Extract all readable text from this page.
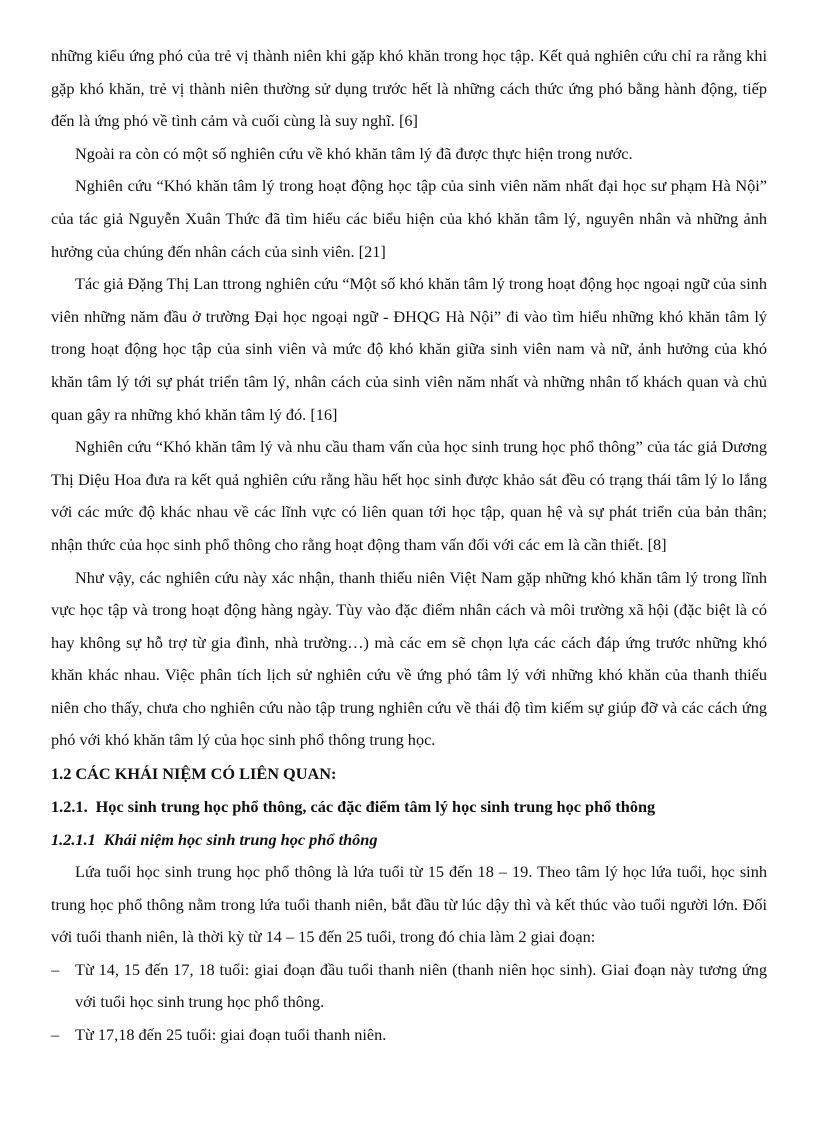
những kiểu ứng phó của trẻ vị thành niên khi gặp khó khăn trong học tập. Kết quả nghiên cứu chỉ ra rằng khi gặp khó khăn, trẻ vị thành niên thường sử dụng trước hết là những cách thức ứng phó bằng hành động, tiếp đến là ứng phó về tình cảm và cuối cùng là suy nghĩ. [6]

Ngoài ra còn có một số nghiên cứu về khó khăn tâm lý đã được thực hiện trong nước.

Nghiên cứu “Khó khăn tâm lý trong hoạt động học tập của sinh viên năm nhất đại học sư phạm Hà Nội” của tác giả Nguyễn Xuân Thức đã tìm hiểu các biểu hiện của khó khăn tâm lý, nguyên nhân và những ảnh hưởng của chúng đến nhân cách của sinh viên. [21]

Tác giả Đặng Thị Lan ttrong nghiên cứu “Một số khó khăn tâm lý trong hoạt động học ngoại ngữ của sinh viên những năm đầu ở trường Đại học ngoại ngữ - ĐHQG Hà Nội” đi vào tìm hiểu những khó khăn tâm lý trong hoạt động học tập của sinh viên và mức độ khó khăn giữa sinh viên nam và nữ, ảnh hưởng của khó khăn tâm lý tới sự phát triển tâm lý, nhân cách của sinh viên năm nhất và những nhân tố khách quan và chủ quan gây ra những khó khăn tâm lý đó. [16]

Nghiên cứu “Khó khăn tâm lý và nhu cầu tham vấn của học sinh trung học phổ thông” của tác giả Dương Thị Diệu Hoa đưa ra kết quả nghiên cứu rằng hầu hết học sinh được khảo sát đều có trạng thái tâm lý lo lắng với các mức độ khác nhau về các lĩnh vực có liên quan tới học tập, quan hệ và sự phát triển của bản thân; nhận thức của học sinh phổ thông cho rằng hoạt động tham vấn đối với các em là cần thiết. [8]

Như vậy, các nghiên cứu này xác nhận, thanh thiếu niên Việt Nam gặp những khó khăn tâm lý trong lĩnh vực học tập và trong hoạt động hàng ngày. Tùy vào đặc điểm nhân cách và môi trường xã hội (đặc biệt là có hay không sự hỗ trợ từ gia đình, nhà trường…) mà các em sẽ chọn lựa các cách đáp ứng trước những khó khăn khác nhau. Việc phân tích lịch sử nghiên cứu về ứng phó tâm lý với những khó khăn của thanh thiếu niên cho thấy, chưa cho nghiên cứu nào tập trung nghiên cứu về thái độ tìm kiếm sự giúp đỡ và các cách ứng phó với khó khăn tâm lý của học sinh phổ thông trung học.

1.2 CÁC KHÁI NIỆM CÓ LIÊN QUAN:

1.2.1. Học sinh trung học phổ thông, các đặc điểm tâm lý học sinh trung học phổ thông

1.2.1.1 Khái niệm học sinh trung học phổ thông

Lứa tuổi học sinh trung học phổ thông là lứa tuổi từ 15 đến 18 – 19. Theo tâm lý học lứa tuổi, học sinh trung học phổ thông nằm trong lứa tuổi thanh niên, bắt đầu từ lúc dậy thì và kết thúc vào tuổi người lớn. Đối với tuổi thanh niên, là thời kỳ từ 14 – 15 đến 25 tuổi, trong đó chia làm 2 giai đoạn:

– Từ 14, 15 đến 17, 18 tuổi: giai đoạn đầu tuổi thanh niên (thanh niên học sinh). Giai đoạn này tương ứng với tuổi học sinh trung học phổ thông.
– Từ 17,18 đến 25 tuổi: giai đoạn tuổi thanh niên.
